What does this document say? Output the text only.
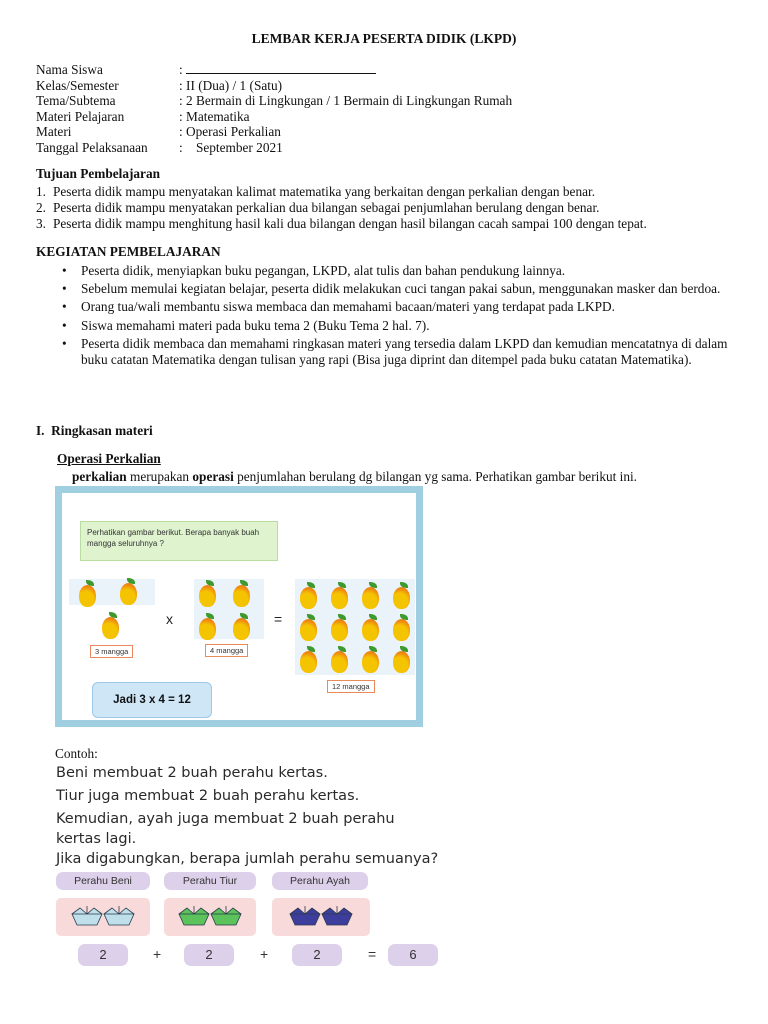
LEMBAR KERJA PESERTA DIDIK (LKPD)
Nama Siswa	:
Kelas/Semester	: II (Dua) / 1 (Satu)
Tema/Subtema	: 2 Bermain di Lingkungan / 1 Bermain di Lingkungan Rumah
Materi Pelajaran	: Matematika
Materi	: Operasi Perkalian
Tanggal Pelaksanaan :    September 2021
Tujuan Pembelajaran
1. Peserta didik mampu menyatakan kalimat matematika yang berkaitan dengan perkalian dengan benar.
2. Peserta didik mampu menyatakan perkalian dua bilangan sebagai penjumlahan berulang dengan benar.
3. Peserta didik mampu menghitung hasil kali dua bilangan dengan hasil bilangan cacah sampai 100 dengan tepat.
KEGIATAN PEMBELAJARAN
• Peserta didik, menyiapkan buku pegangan, LKPD, alat tulis dan bahan pendukung lainnya.
• Sebelum memulai kegiatan belajar, peserta didik melakukan cuci tangan pakai sabun, menggunakan masker dan berdoa.
• Orang tua/wali membantu siswa membaca dan memahami bacaan/materi yang terdapat pada LKPD.
• Siswa memahami materi pada buku tema 2 (Buku Tema 2 hal. 7).
• Peserta didik membaca dan memahami ringkasan materi yang tersedia dalam LKPD dan kemudian mencatatnya di dalam buku catatan Matematika dengan tulisan yang rapi (Bisa juga diprint dan ditempel pada buku catatan Matematika).
I.  Ringkasan materi
Operasi Perkalian
perkalian merupakan operasi penjumlahan berulang dg bilangan yg sama. Perhatikan gambar berikut ini.
Perhatikan gambar berikut. Berapa banyak buah mangga seluruhnya ?
x	=
3 mangga	4 mangga
12 mangga
Jadi 3 x 4 = 12
Contoh:
Beni membuat 2 buah perahu kertas.
Tiur juga membuat 2 buah perahu kertas.
Kemudian, ayah juga membuat 2 buah perahu
kertas lagi.
Jika digabungkan, berapa jumlah perahu semuanya?
Perahu Beni	Perahu Tiur	Perahu Ayah
2	+	2	+	2	=	6
